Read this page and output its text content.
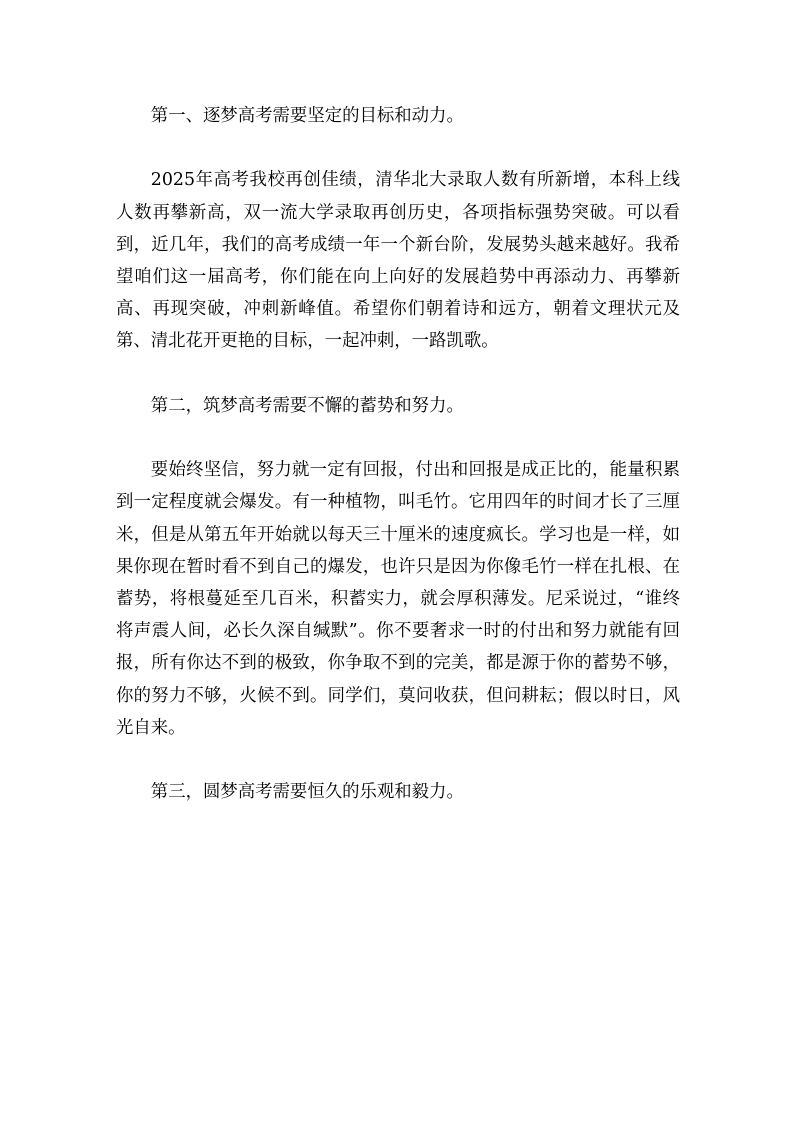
第一、逐梦高考需要坚定的目标和动力。

2025年高考我校再创佳绩，清华北大录取人数有所新增，本科上线人数再攀新高，双一流大学录取再创历史，各项指标强势突破。可以看到，近几年，我们的高考成绩一年一个新台阶，发展势头越来越好。我希望咱们这一届高考，你们能在向上向好的发展趋势中再添动力、再攀新高、再现突破，冲刺新峰值。希望你们朝着诗和远方，朝着文理状元及第、清北花开更艳的目标，一起冲刺，一路凯歌。

第二，筑梦高考需要不懈的蓄势和努力。

要始终坚信，努力就一定有回报，付出和回报是成正比的，能量积累到一定程度就会爆发。有一种植物，叫毛竹。它用四年的时间才长了三厘米，但是从第五年开始就以每天三十厘米的速度疯长。学习也是一样，如果你现在暂时看不到自己的爆发，也许只是因为你像毛竹一样在扎根、在蓄势，将根蔓延至几百米，积蓄实力，就会厚积薄发。尼采说过，“谁终将声震人间，必长久深自缄默”。你不要奢求一时的付出和努力就能有回报，所有你达不到的极致，你争取不到的完美，都是源于你的蓄势不够，你的努力不够，火候不到。同学们，莫问收获，但问耕耘；假以时日，风光自来。

第三，圆梦高考需要恒久的乐观和毅力。
